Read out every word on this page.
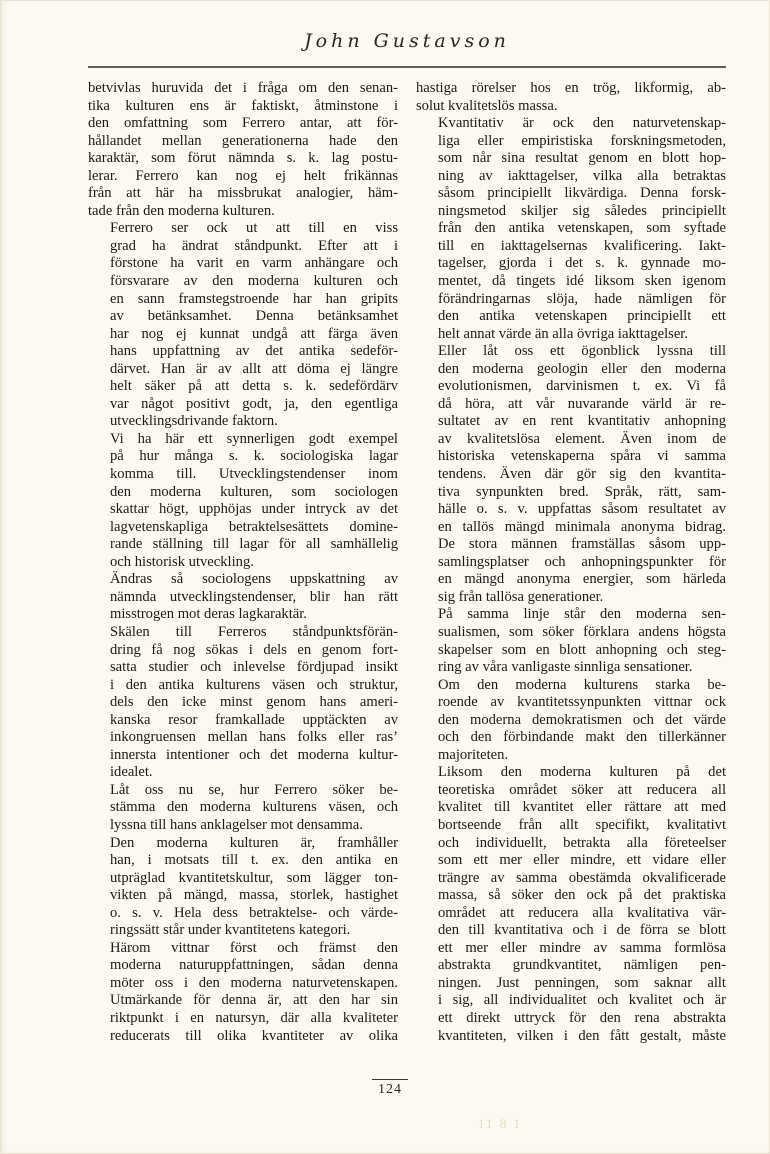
John Gustavson

betvivlas huruvida det i fråga om den senan-
tika kulturen ens är faktiskt, åtminstone i
den omfattning som Ferrero antar, att för-
hållandet mellan generationerna hade den
karaktär, som förut nämnda s. k. lag postu-
lerar. Ferrero kan nog ej helt frikännas
från att här ha missbrukat analogier, häm-
tade från den moderna kulturen.

Ferrero ser ock ut att till en viss
grad ha ändrat ståndpunkt. Efter att i
förstone ha varit en varm anhängare och
försvarare av den moderna kulturen och
en sann framstegstroende har han gripits
av betänksamhet. Denna betänksamhet
har nog ej kunnat undgå att färga även
hans uppfattning av det antika sedeför-
därvet. Han är av allt att döma ej längre
helt säker på att detta s. k. sedefördärv
var något positivt godt, ja, den egentliga
utvecklingsdrivande faktorn.

Vi ha här ett synnerligen godt exempel
på hur många s. k. sociologiska lagar
komma till. Utvecklingstendenser inom
den moderna kulturen, som sociologen
skattar högt, upphöjas under intryck av det
lagvetenskapliga betraktelsesättets domine-
rande ställning till lagar för all samhällelig
och historisk utveckling.

Ändras så sociologens uppskattning av
nämnda utvecklingstendenser, blir han rätt
misstrogen mot deras lagkaraktär.

Skälen till Ferreros ståndpunktsförän-
dring få nog sökas i dels en genom fort-
satta studier och inlevelse fördjupad insikt
i den antika kulturens väsen och struktur,
dels den icke minst genom hans ameri-
kanska resor framkallade upptäckten av
inkongruensen mellan hans folks eller ras’
innersta intentioner och det moderna kultur-
idealet.

Låt oss nu se, hur Ferrero söker be-
stämma den moderna kulturens väsen, och
lyssna till hans anklagelser mot densamma.

Den moderna kulturen är, framhåller
han, i motsats till t. ex. den antika en
utpräglad kvantitetskultur, som lägger ton-
vikten på mängd, massa, storlek, hastighet
o. s. v. Hela dess betraktelse- och värde-
ringssätt står under kvantitetens kategori.

Härom vittnar först och främst den
moderna naturuppfattningen, sådan denna
möter oss i den moderna naturvetenskapen.
Utmärkande för denna är, att den har sin
riktpunkt i en natursyn, där alla kvaliteter
reducerats till olika kvantiteter av olika

hastiga rörelser hos en trög, likformig, ab-
solut kvalitetslös massa.

Kvantitativ är ock den naturvetenskap-
liga eller empiristiska forskningsmetoden,
som når sina resultat genom en blott hop-
ning av iakttagelser, vilka alla betraktas
såsom principiellt likvärdiga. Denna forsk-
ningsmetod skiljer sig således principiellt
från den antika vetenskapen, som syftade
till en iakttagelsernas kvalificering. Iakt-
tagelser, gjorda i det s. k. gynnade mo-
mentet, då tingets idé liksom sken igenom
förändringarnas slöja, hade nämligen för
den antika vetenskapen principiellt ett
helt annat värde än alla övriga iakttagelser.

Eller låt oss ett ögonblick lyssna till
den moderna geologin eller den moderna
evolutionismen, darvinismen t. ex. Vi få
då höra, att vår nuvarande värld är re-
sultatet av en rent kvantitativ anhopning
av kvalitetslösa element. Även inom de
historiska vetenskaperna spåra vi samma
tendens. Även där gör sig den kvantita-
tiva synpunkten bred. Språk, rätt, sam-
hälle o. s. v. uppfattas såsom resultatet av
en tallös mängd minimala anonyma bidrag.
De stora männen framställas såsom upp-
samlingsplatser och anhopningspunkter för
en mängd anonyma energier, som härleda
sig från tallösa generationer.

På samma linje står den moderna sen-
sualismen, som söker förklara andens högsta
skapelser som en blott anhopning och steg-
ring av våra vanligaste sinnliga sensationer.

Om den moderna kulturens starka be-
roende av kvantitetssynpunkten vittnar ock
den moderna demokratismen och det värde
och den förbindande makt den tillerkänner
majoriteten.

Liksom den moderna kulturen på det
teoretiska området söker att reducera all
kvalitet till kvantitet eller rättare att med
bortseende från allt specifikt, kvalitativt
och individuellt, betrakta alla företeelser
som ett mer eller mindre, ett vidare eller
trängre av samma obestämda okvalificerade
massa, så söker den ock på det praktiska
området att reducera alla kvalitativa vär-
den till kvantitativa och i de förra se blott
ett mer eller mindre av samma formlösa
abstrakta grundkvantitet, nämligen pen-
ningen. Just penningen, som saknar allt
i sig, all individualitet och kvalitet och är
ett direkt uttryck för den rena abstrakta
kvantiteten, vilken i den fått gestalt, måste

124
11 8 1
